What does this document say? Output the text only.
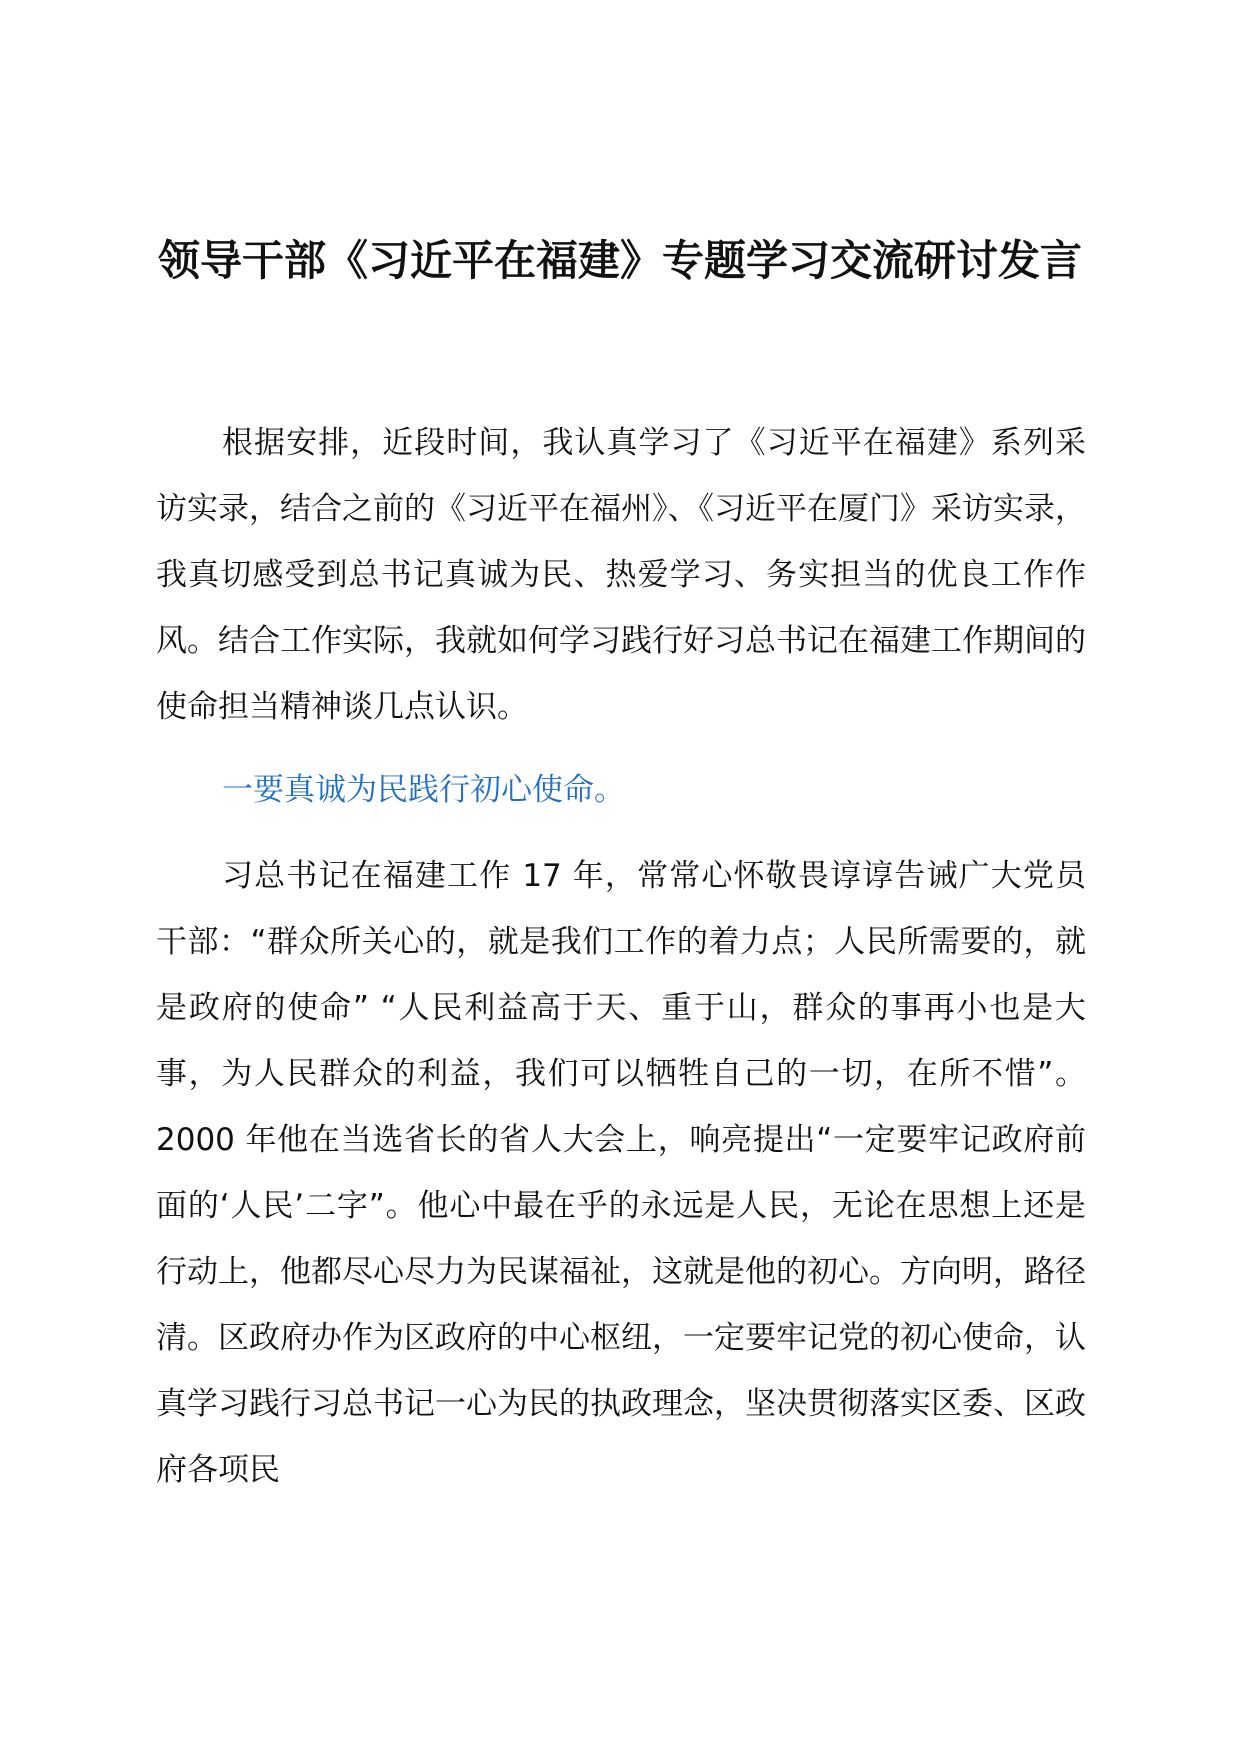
领导干部《习近平在福建》专题学习交流研讨发言
根据安排，近段时间，我认真学习了《习近平在福建》系列采访实录，结合之前的《习近平在福州》、《习近平在厦门》采访实录，我真切感受到总书记真诚为民、热爱学习、务实担当的优良工作作风。结合工作实际，我就如何学习践行好习总书记在福建工作期间的使命担当精神谈几点认识。
一要真诚为民践行初心使命。
习总书记在福建工作 17 年，常常心怀敬畏谆谆告诫广大党员干部：“群众所关心的，就是我们工作的着力点；人民所需要的，就是政府的使命” “人民利益高于天、重于山，群众的事再小也是大事，为人民群众的利益，我们可以牺牲自己的一切，在所不惜”。2000 年他在当选省长的省人大会上，响亮提出“一定要牢记政府前面的‘人民’二字”。他心中最在乎的永远是人民，无论在思想上还是行动上，他都尽心尽力为民谋福祉，这就是他的初心。方向明，路径清。区政府办作为区政府的中心枢纽，一定要牢记党的初心使命，认真学习践行习总书记一心为民的执政理念，坚决贯彻落实区委、区政府各项民
